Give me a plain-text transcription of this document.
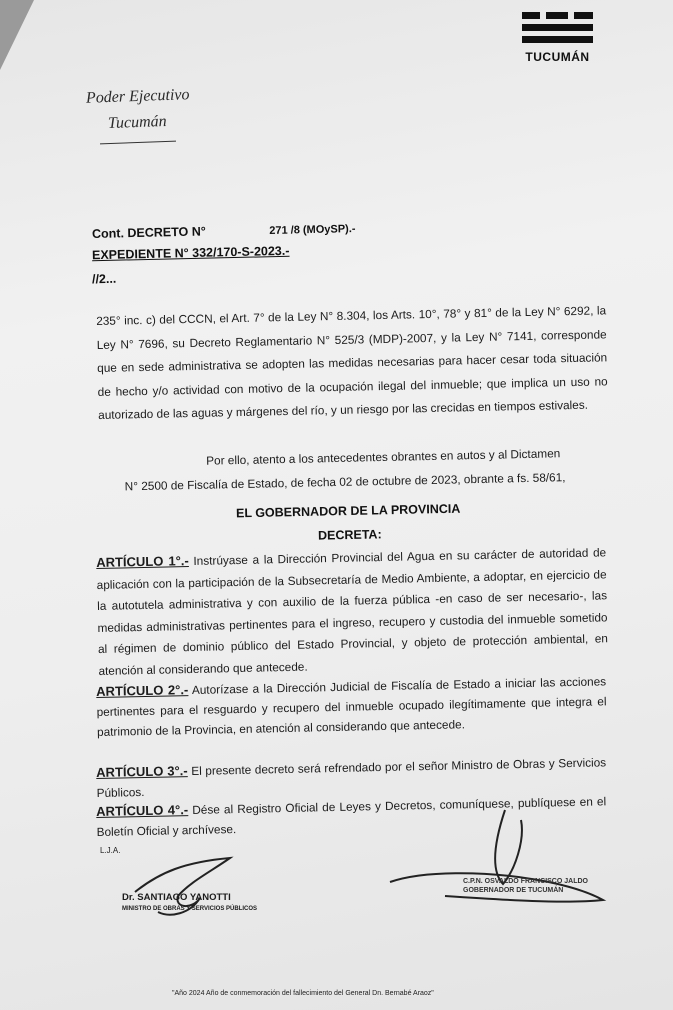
TUCUMÁN
Poder Ejecutivo
Tucumán
Cont. DECRETO N°	271 /8 (MOySP).-
EXPEDIENTE N° 332/170-S-2023.-
//2...
235° inc. c) del CCCN, el Art. 7° de la Ley N° 8.304, los Arts. 10°, 78° y 81° de la Ley N° 6292, la Ley N° 7696, su Decreto Reglamentario N° 525/3 (MDP)-2007, y la Ley N° 7141, corresponde que en sede administrativa se adopten las medidas necesarias para hacer cesar toda situación de hecho y/o actividad con motivo de la ocupación ilegal del inmueble; que implica un uso no autorizado de las aguas y márgenes del río, y un riesgo por las crecidas en tiempos estivales.
Por ello, atento a los antecedentes obrantes en autos y al Dictamen
N° 2500 de Fiscalía de Estado, de fecha 02 de octubre de 2023, obrante a fs. 58/61,
EL GOBERNADOR DE LA PROVINCIA
DECRETA:
ARTÍCULO 1°.- Instrúyase a la Dirección Provincial del Agua en su carácter de autoridad de aplicación con la participación de la Subsecretaría de Medio Ambiente, a adoptar, en ejercicio de la autotutela administrativa y con auxilio de la fuerza pública -en caso de ser necesario-, las medidas administrativas pertinentes para el ingreso, recupero y custodia del inmueble sometido al régimen de dominio público del Estado Provincial, y objeto de protección ambiental, en atención al considerando que antecede.
ARTÍCULO 2°.- Autorízase a la Dirección Judicial de Fiscalía de Estado a iniciar las acciones pertinentes para el resguardo y recupero del inmueble ocupado ilegítimamente que integra el patrimonio de la Provincia, en atención al considerando que antecede.
ARTÍCULO 3°.- El presente decreto será refrendado por el señor Ministro de Obras y Servicios Públicos.
ARTÍCULO 4°.- Dése al Registro Oficial de Leyes y Decretos, comuníquese, publíquese en el Boletín Oficial y archívese.
L.J.A.
Dr. SANTIAGO YANOTTI
MINISTRO DE OBRAS Y SERVICIOS PÚBLICOS
C.P.N. OSVALDO FRANCISCO JALDO
GOBERNADOR DE TUCUMÁN
"Año 2024 Año de conmemoración del fallecimiento del General Dn. Bernabé Araoz"
